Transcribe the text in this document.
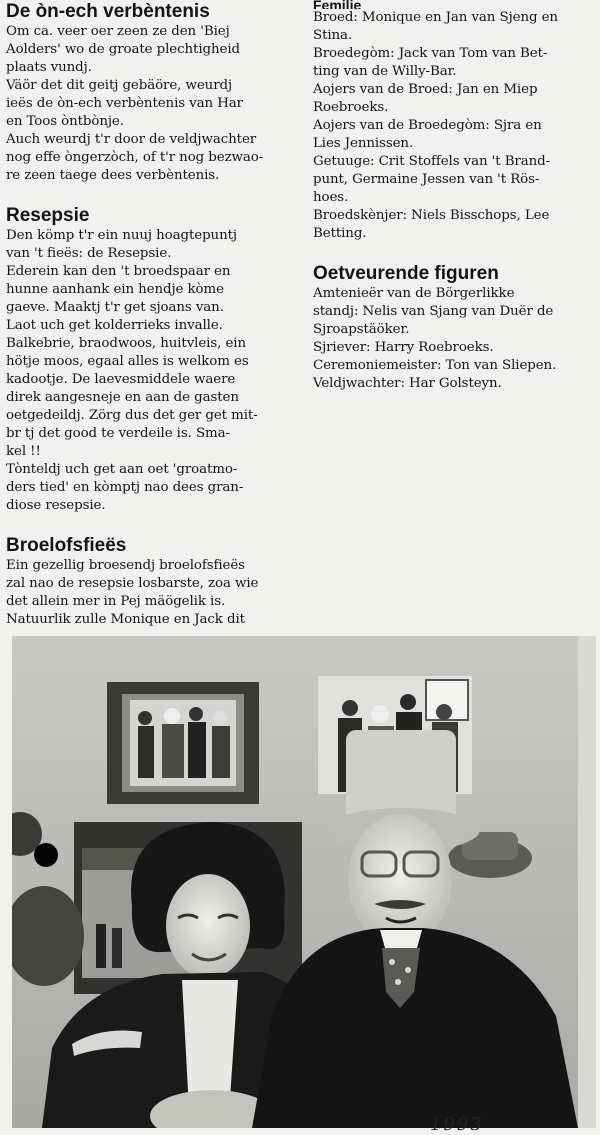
De òn-ech verbèntenis
Om ca. veer oer zeen ze den 'Biej
Aolders' wo de groate plechtigheid
plaats vundj.
Väör det dit geitj gebäöre, weurdj
ieës de òn-ech verbèntenis van Har
en Toos òntbònje.
Auch weurdj t'r door de veldjwachter
nog effe òngerzòch, of t'r nog bezwao-
re zeen taege dees verbèntenis.
Resepsie
Den kömp t'r ein nuuj hoagtepuntj
van 't fieës: de Resepsie.
Ederein kan den 't broedspaar en
hunne aanhank ein hendje kòme
gaeve. Maaktj t'r get sjoans van.
Laot uch get kolderrieks invalle.
Balkebrie, braodwoos, huitvleis, ein
hötje moos, egaal alles is welkom es
kadootje. De laevesmiddele waere
direk aangesneje en aan de gasten
oetgedeildj. Zörg dus det ger get mit-
br tj det good te verdeile is. Sma-
kel !!
Tònteldj uch get aan oet 'groatmo-
ders tied' en kòmptj nao dees gran-
diose resepsie.
Broelofsfieës
Ein gezellig broesendj broelofsfieës
zal nao de resepsie losbarste, zoa wie
det allein mer in Pej mäögelik is.
Natuurlik zulle Monique en Jack dit
Femilie
Broed: Monique en Jan van Sjeng en
Stina.
Broedegòm: Jack van Tom van Bet-
ting van de Willy-Bar.
Aojers van de Broed: Jan en Miep
Roebroeks.
Aojers van de Broedegòm: Sjra en
Lies Jennissen.
Getuuge: Crit Stoffels van 't Brand-
punt, Germaine Jessen van 't Rös-
hoes.
Broedskènjer: Niels Bisschops, Lee
Betting.
Oetveurende figuren
Amtenieër van de Börgerlikke
standj: Nelis van Sjang van Duër de
Sjroapstäöker.
Sjriever: Harry Roebroeks.
Ceremoniemeister: Ton van Sliepen.
Veldjwachter: Har Golsteyn.
1993
